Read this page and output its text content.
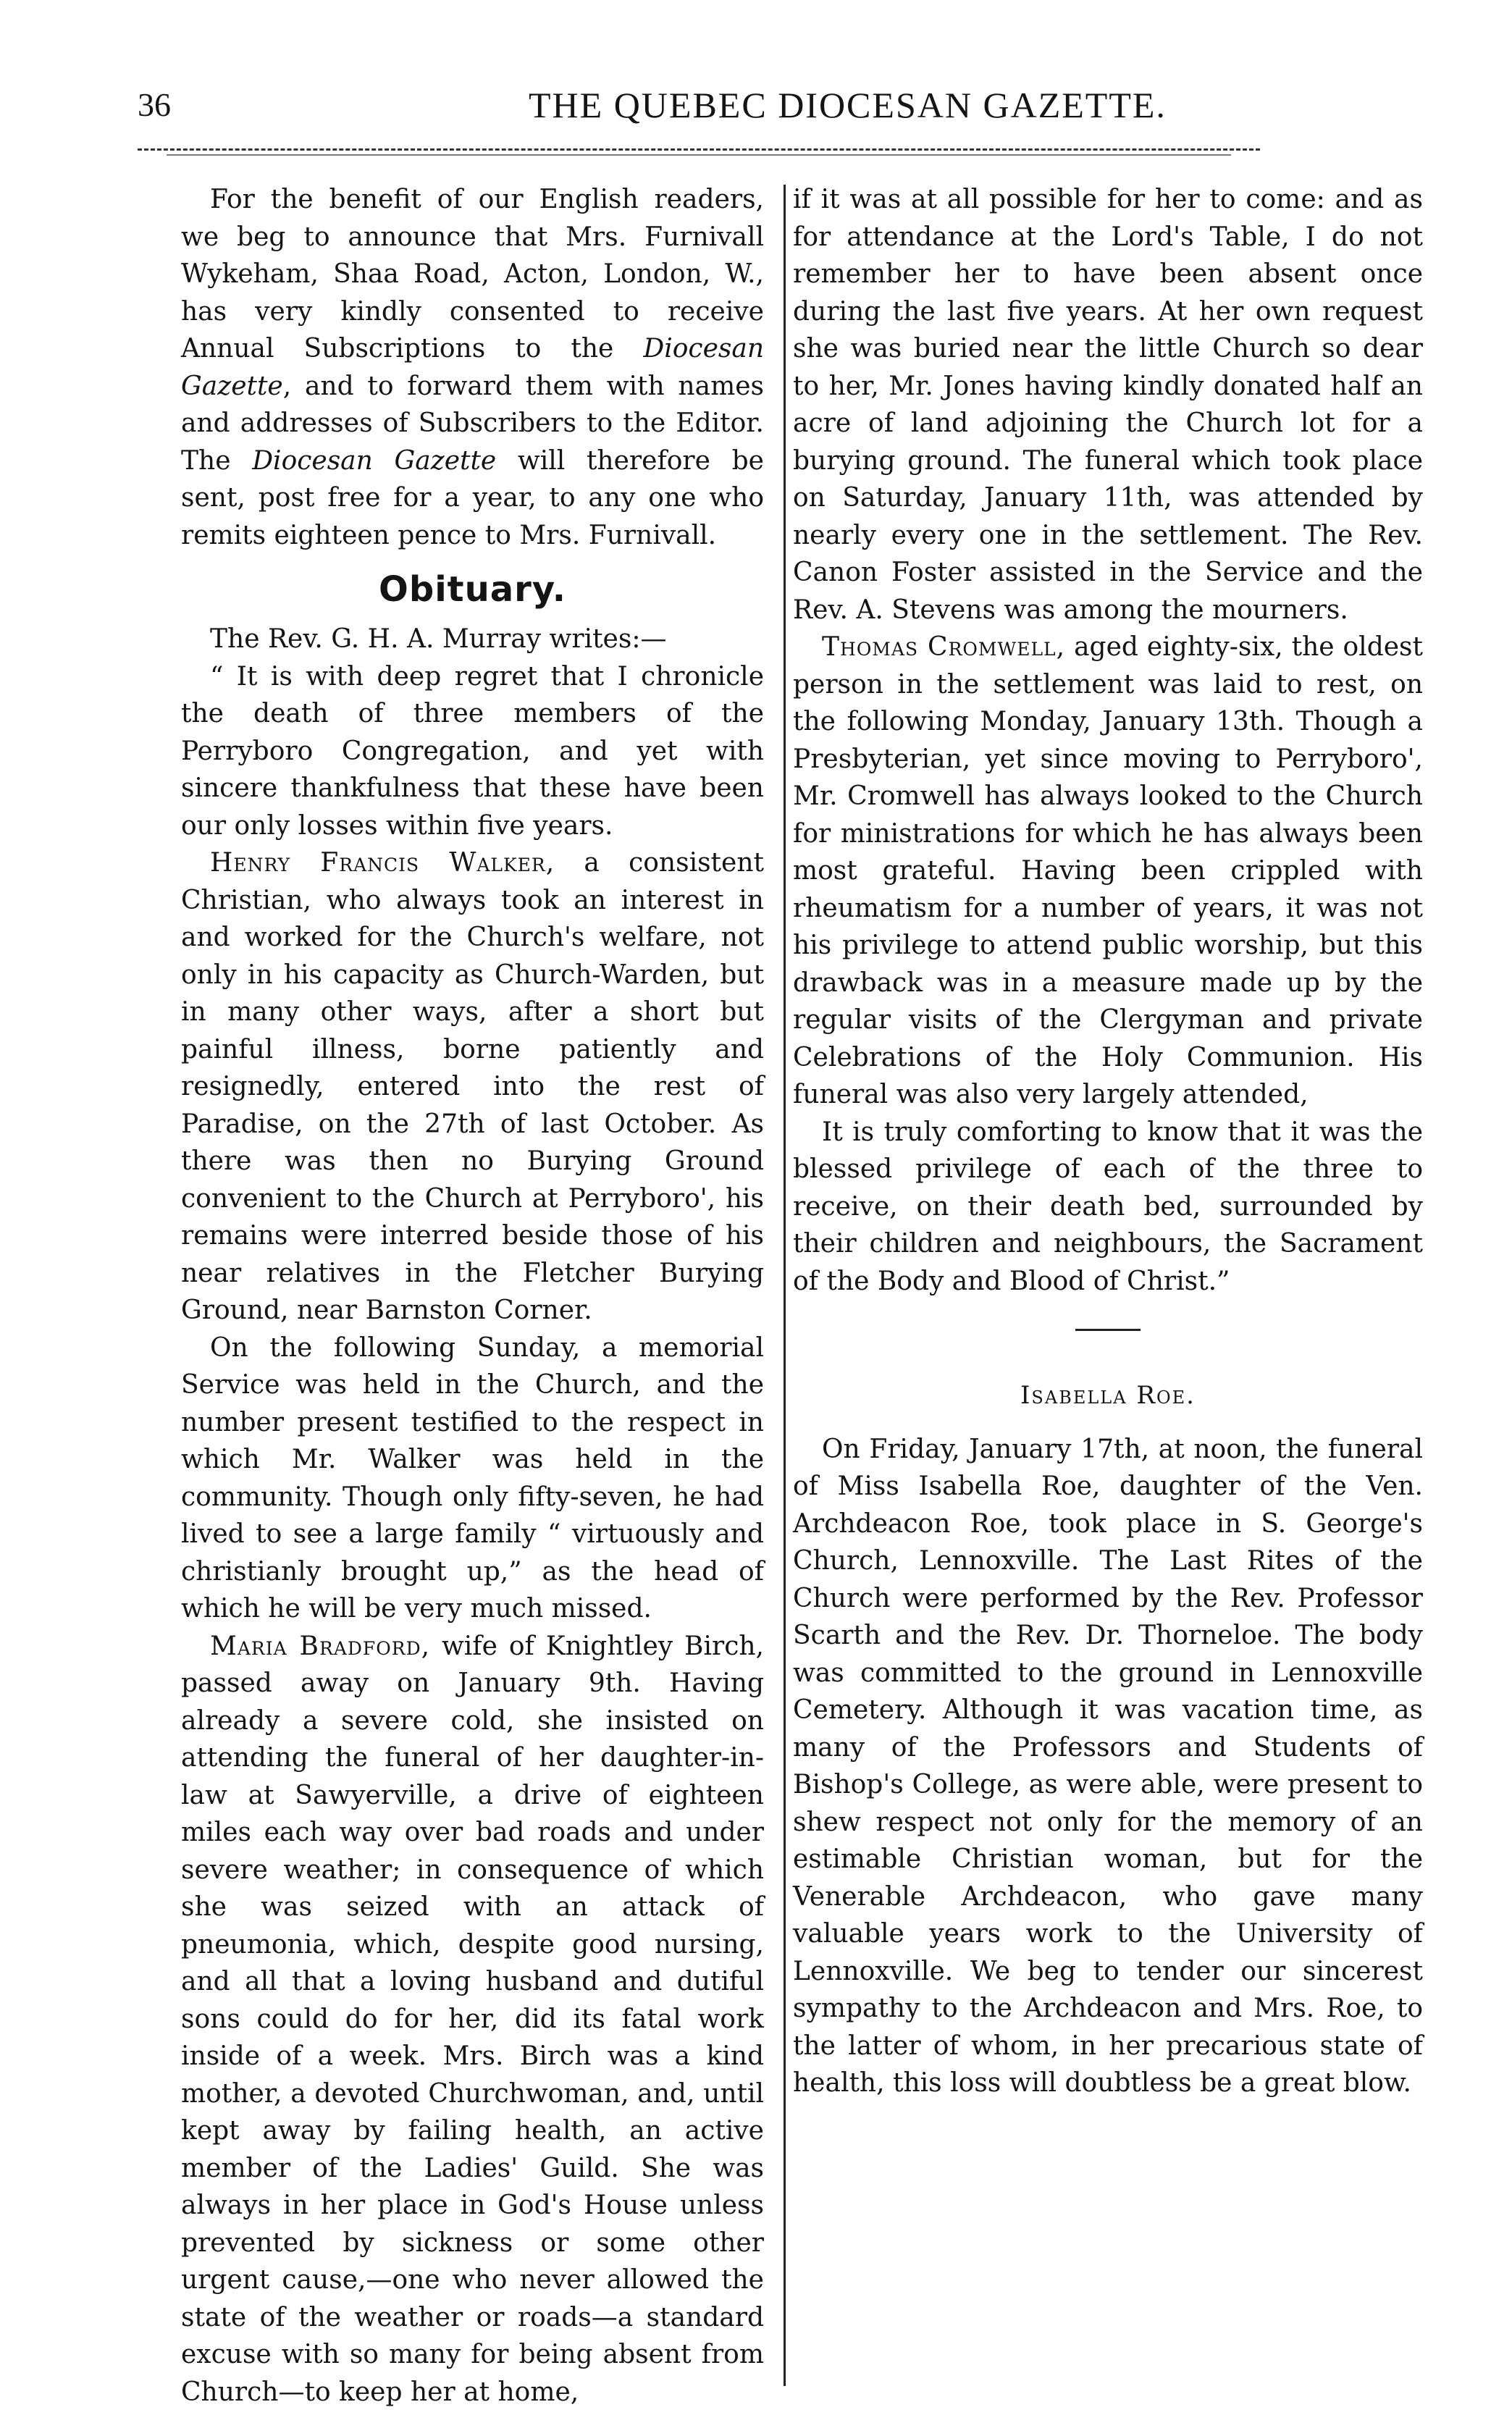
36	THE QUEBEC DIOCESAN GAZETTE.

For the benefit of our English readers, we beg to announce that Mrs. Furnivall Wykeham, Shaa Road, Acton, London, W., has very kindly consented to receive Annual Subscriptions to the Diocesan Gazette, and to forward them with names and addresses of Subscribers to the Editor. The Diocesan Gazette will therefore be sent, post free for a year, to any one who remits eighteen pence to Mrs. Furnivall.

Obituary.

The Rev. G. H. A. Murray writes:—

“ It is with deep regret that I chronicle the death of three members of the Perryboro Congregation, and yet with sincere thankfulness that these have been our only losses within five years.

Henry Francis Walker, a consistent Christian, who always took an interest in and worked for the Church's welfare, not only in his capacity as Church-Warden, but in many other ways, after a short but painful illness, borne patiently and resignedly, entered into the rest of Paradise, on the 27th of last October. As there was then no Burying Ground convenient to the Church at Perryboro', his remains were interred beside those of his near relatives in the Fletcher Burying Ground, near Barnston Corner.

On the following Sunday, a memorial Service was held in the Church, and the number present testified to the respect in which Mr. Walker was held in the community. Though only fifty-seven, he had lived to see a large family “ virtuously and christianly brought up,” as the head of which he will be very much missed.

Maria Bradford, wife of Knightley Birch, passed away on January 9th. Having already a severe cold, she insisted on attending the funeral of her daughter-in-law at Sawyerville, a drive of eighteen miles each way over bad roads and under severe weather; in consequence of which she was seized with an attack of pneumonia, which, despite good nursing, and all that a loving husband and dutiful sons could do for her, did its fatal work inside of a week. Mrs. Birch was a kind mother, a devoted Churchwoman, and, until kept away by failing health, an active member of the Ladies' Guild. She was always in her place in God's House unless prevented by sickness or some other urgent cause,—one who never allowed the state of the weather or roads—a standard excuse with so many for being absent from Church—to keep her at home,

if it was at all possible for her to come: and as for attendance at the Lord's Table, I do not remember her to have been absent once during the last five years. At her own request she was buried near the little Church so dear to her, Mr. Jones having kindly donated half an acre of land adjoining the Church lot for a burying ground. The funeral which took place on Saturday, January 11th, was attended by nearly every one in the settlement. The Rev. Canon Foster assisted in the Service and the Rev. A. Stevens was among the mourners.

Thomas Cromwell, aged eighty-six, the oldest person in the settlement was laid to rest, on the following Monday, January 13th. Though a Presbyterian, yet since moving to Perryboro', Mr. Cromwell has always looked to the Church for ministrations for which he has always been most grateful. Having been crippled with rheumatism for a number of years, it was not his privilege to attend public worship, but this drawback was in a measure made up by the regular visits of the Clergyman and private Celebrations of the Holy Communion. His funeral was also very largely attended,

It is truly comforting to know that it was the blessed privilege of each of the three to receive, on their death bed, surrounded by their children and neighbours, the Sacrament of the Body and Blood of Christ.”

Isabella Roe.

On Friday, January 17th, at noon, the funeral of Miss Isabella Roe, daughter of the Ven. Archdeacon Roe, took place in S. George's Church, Lennoxville. The Last Rites of the Church were performed by the Rev. Professor Scarth and the Rev. Dr. Thorneloe. The body was committed to the ground in Lennoxville Cemetery. Although it was vacation time, as many of the Professors and Students of Bishop's College, as were able, were present to shew respect not only for the memory of an estimable Christian woman, but for the Venerable Archdeacon, who gave many valuable years work to the University of Lennoxville. We beg to tender our sincerest sympathy to the Archdeacon and Mrs. Roe, to the latter of whom, in her precarious state of health, this loss will doubtless be a great blow.
